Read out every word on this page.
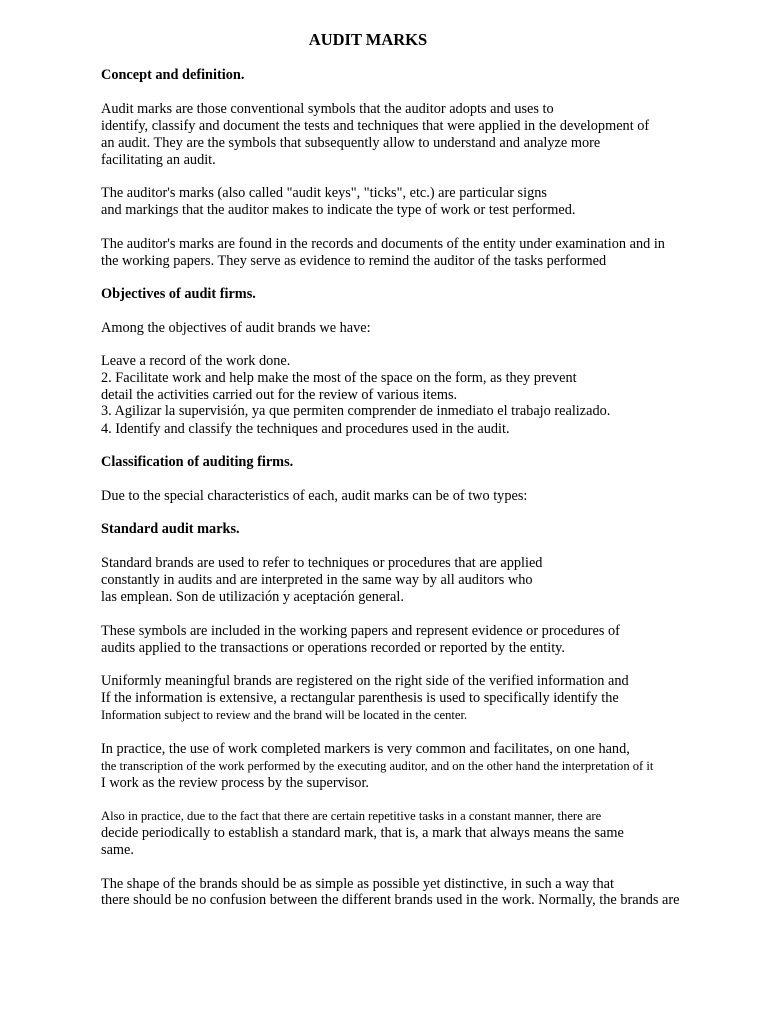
AUDIT MARKS
Concept and definition.
Audit marks are those conventional symbols that the auditor adopts and uses to
identify, classify and document the tests and techniques that were applied in the development of
an audit. They are the symbols that subsequently allow to understand and analyze more
facilitating an audit.
The auditor's marks (also called "audit keys", "ticks", etc.) are particular signs
and markings that the auditor makes to indicate the type of work or test performed.
The auditor's marks are found in the records and documents of the entity under examination and in
the working papers. They serve as evidence to remind the auditor of the tasks performed
Objectives of audit firms.
Among the objectives of audit brands we have:
Leave a record of the work done.
2. Facilitate work and help make the most of the space on the form, as they prevent
detail the activities carried out for the review of various items.
3. Agilizar la supervisión, ya que permiten comprender de inmediato el trabajo realizado.
4. Identify and classify the techniques and procedures used in the audit.
Classification of auditing firms.
Due to the special characteristics of each, audit marks can be of two types:
Standard audit marks.
Standard brands are used to refer to techniques or procedures that are applied
constantly in audits and are interpreted in the same way by all auditors who
las emplean. Son de utilización y aceptación general.
These symbols are included in the working papers and represent evidence or procedures of
audits applied to the transactions or operations recorded or reported by the entity.
Uniformly meaningful brands are registered on the right side of the verified information and
If the information is extensive, a rectangular parenthesis is used to specifically identify the
Information subject to review and the brand will be located in the center.
In practice, the use of work completed markers is very common and facilitates, on one hand,
the transcription of the work performed by the executing auditor, and on the other hand the interpretation of it
I work as the review process by the supervisor.
Also in practice, due to the fact that there are certain repetitive tasks in a constant manner, there are
decide periodically to establish a standard mark, that is, a mark that always means the same
same.
The shape of the brands should be as simple as possible yet distinctive, in such a way that
there should be no confusion between the different brands used in the work. Normally, the brands are
